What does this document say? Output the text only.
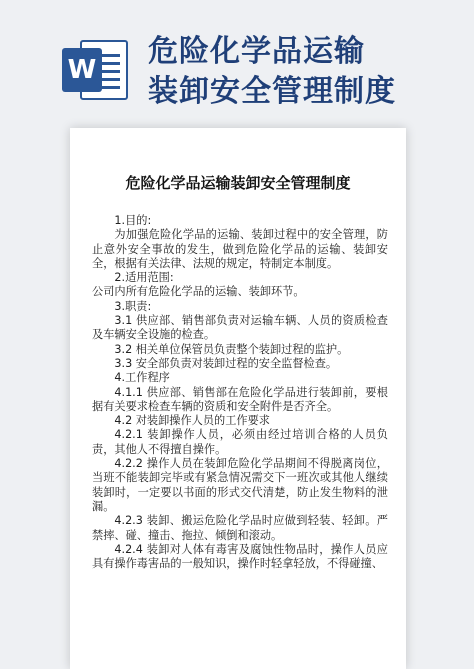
W
危险化学品运输
装卸安全管理制度
危险化学品运输装卸安全管理制度

1.目的:

为加强危险化学品的运输、装卸过程中的安全管理，防止意外安全事故的发生，做到危险化学品的运输、装卸安全，根据有关法律、法规的规定，特制定本制度。

2.适用范围:

公司内所有危险化学品的运输、装卸环节。

3.职责:

3.1 供应部、销售部负责对运输车辆、人员的资质检查及车辆安全设施的检查。

3.2 相关单位保管员负责整个装卸过程的监护。

3.3 安全部负责对装卸过程的安全监督检查。

4.工作程序

4.1.1 供应部、销售部在危险化学品进行装卸前，要根据有关要求检查车辆的资质和安全附件是否齐全。

4.2 对装卸操作人员的工作要求

4.2.1 装卸操作人员，必须由经过培训合格的人员负责，其他人不得擅自操作。

4.2.2 操作人员在装卸危险化学品期间不得脱离岗位，当班不能装卸完毕或有紧急情况需交下一班次或其他人继续装卸时，一定要以书面的形式交代清楚，防止发生物料的泄漏。

4.2.3 装卸、搬运危险化学品时应做到轻装、轻卸。严禁摔、碰、撞击、拖拉、倾倒和滚动。

4.2.4 装卸对人体有毒害及腐蚀性物品时，操作人员应具有操作毒害品的一般知识，操作时轻拿轻放，不得碰撞、
